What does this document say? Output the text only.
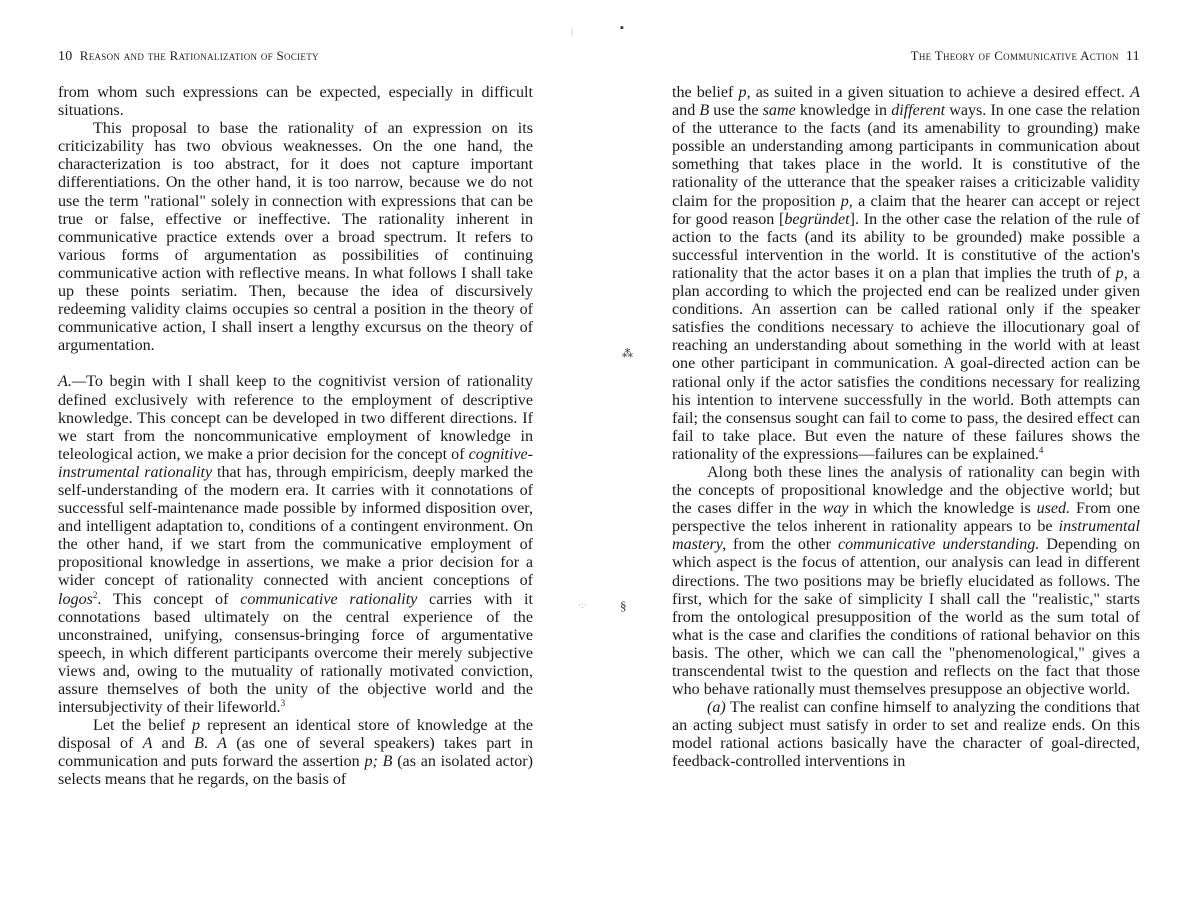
▪
|
⁂
§
·:·
10 Reason and the Rationalization of Society

from whom such expressions can be expected, especially in difficult situations.

This proposal to base the rationality of an expression on its criticizability has two obvious weaknesses. On the one hand, the characterization is too abstract, for it does not capture important differentiations. On the other hand, it is too narrow, because we do not use the term "rational" solely in connection with expressions that can be true or false, effective or ineffective. The rationality inherent in communicative practice extends over a broad spectrum. It refers to various forms of argumentation as possibilities of continuing communicative action with reflective means. In what follows I shall take up these points seriatim. Then, because the idea of discursively redeeming validity claims occupies so central a position in the theory of communicative action, I shall insert a lengthy excursus on the theory of argumentation.

A.—To begin with I shall keep to the cognitivist version of rationality defined exclusively with reference to the employment of descriptive knowledge. This concept can be developed in two different directions. If we start from the noncommunicative employment of knowledge in teleological action, we make a prior decision for the concept of cognitive-instrumental rationality that has, through empiricism, deeply marked the self-understanding of the modern era. It carries with it connotations of successful self-maintenance made possible by informed disposition over, and intelligent adaptation to, conditions of a contingent environment. On the other hand, if we start from the communicative employment of propositional knowledge in assertions, we make a prior decision for a wider concept of rationality connected with ancient conceptions of logos$^2$. This concept of communicative rationality carries with it connotations based ultimately on the central experience of the unconstrained, unifying, consensus-bringing force of argumentative speech, in which different participants overcome their merely subjective views and, owing to the mutuality of rationally motivated conviction, assure themselves of both the unity of the objective world and the intersubjectivity of their lifeworld.$^3$

Let the belief p represent an identical store of knowledge at the disposal of A and B. A (as one of several speakers) takes part in communication and puts forward the assertion p; B (as an isolated actor) selects means that he regards, on the basis of

The Theory of Communicative Action 11

the belief p, as suited in a given situation to achieve a desired effect. A and B use the same knowledge in different ways. In one case the relation of the utterance to the facts (and its amenability to grounding) make possible an understanding among participants in communication about something that takes place in the world. It is constitutive of the rationality of the utterance that the speaker raises a criticizable validity claim for the proposition p, a claim that the hearer can accept or reject for good reason [begründet]. In the other case the relation of the rule of action to the facts (and its ability to be grounded) make possible a successful intervention in the world. It is constitutive of the action's rationality that the actor bases it on a plan that implies the truth of p, a plan according to which the projected end can be realized under given conditions. An assertion can be called rational only if the speaker satisfies the conditions necessary to achieve the illocutionary goal of reaching an understanding about something in the world with at least one other participant in communication. A goal-directed action can be rational only if the actor satisfies the conditions necessary for realizing his intention to intervene successfully in the world. Both attempts can fail; the consensus sought can fail to come to pass, the desired effect can fail to take place. But even the nature of these failures shows the rationality of the expressions—failures can be explained.$^4$

Along both these lines the analysis of rationality can begin with the concepts of propositional knowledge and the objective world; but the cases differ in the way in which the knowledge is used. From one perspective the telos inherent in rationality appears to be instrumental mastery, from the other communicative understanding. Depending on which aspect is the focus of attention, our analysis can lead in different directions. The two positions may be briefly elucidated as follows. The first, which for the sake of simplicity I shall call the "realistic," starts from the ontological presupposition of the world as the sum total of what is the case and clarifies the conditions of rational behavior on this basis. The other, which we can call the "phenomenological," gives a transcendental twist to the question and reflects on the fact that those who behave rationally must themselves presuppose an objective world.

(a) The realist can confine himself to analyzing the conditions that an acting subject must satisfy in order to set and realize ends. On this model rational actions basically have the character of goal-directed, feedback-controlled interventions in
